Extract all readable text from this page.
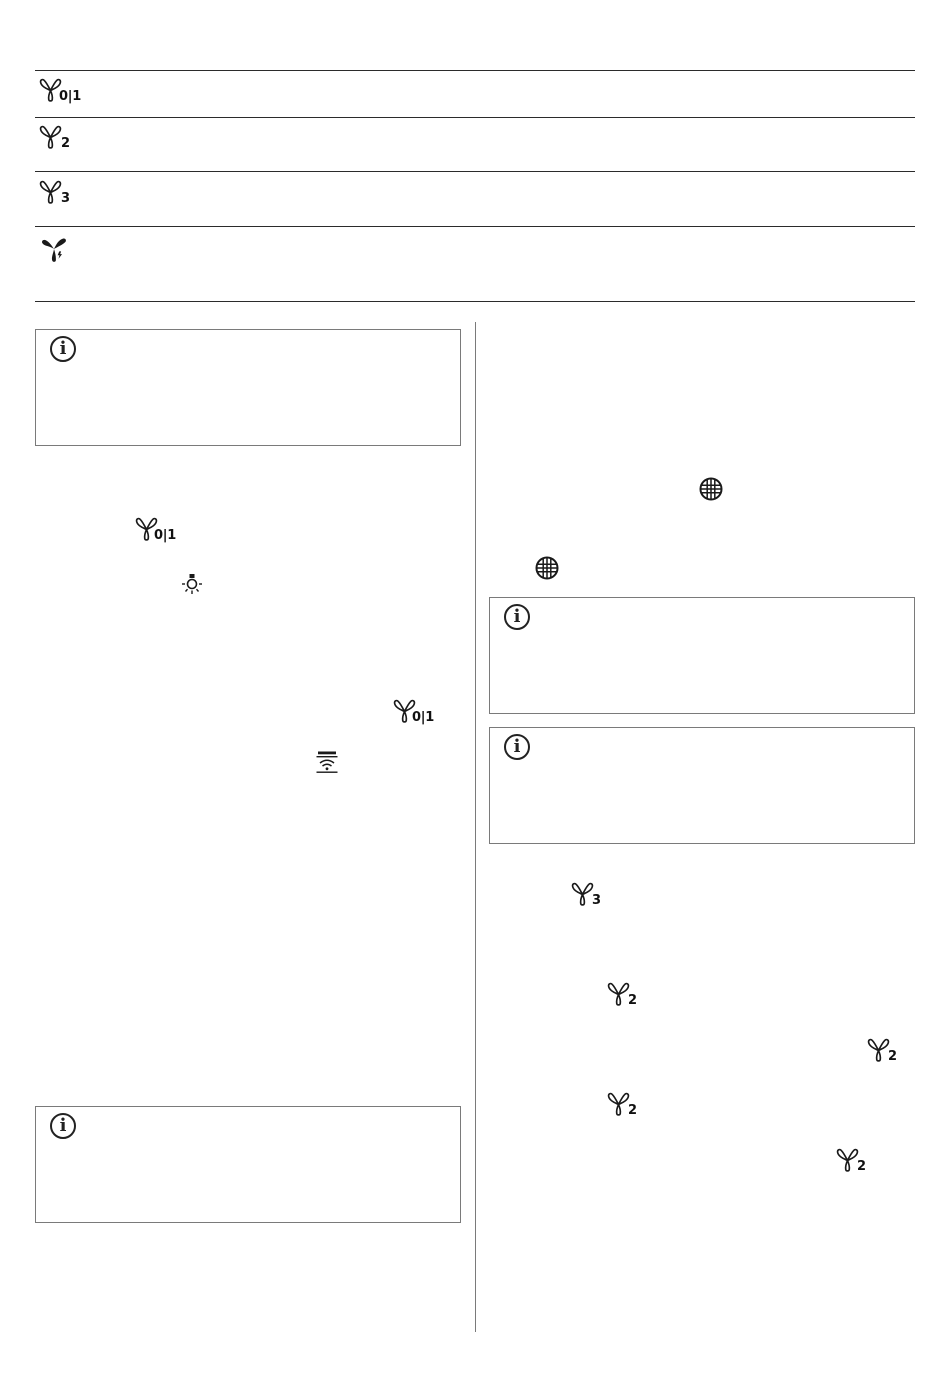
0|1
2
3
i
0|1
0|1
i
i
i
3
2
2
2
2
